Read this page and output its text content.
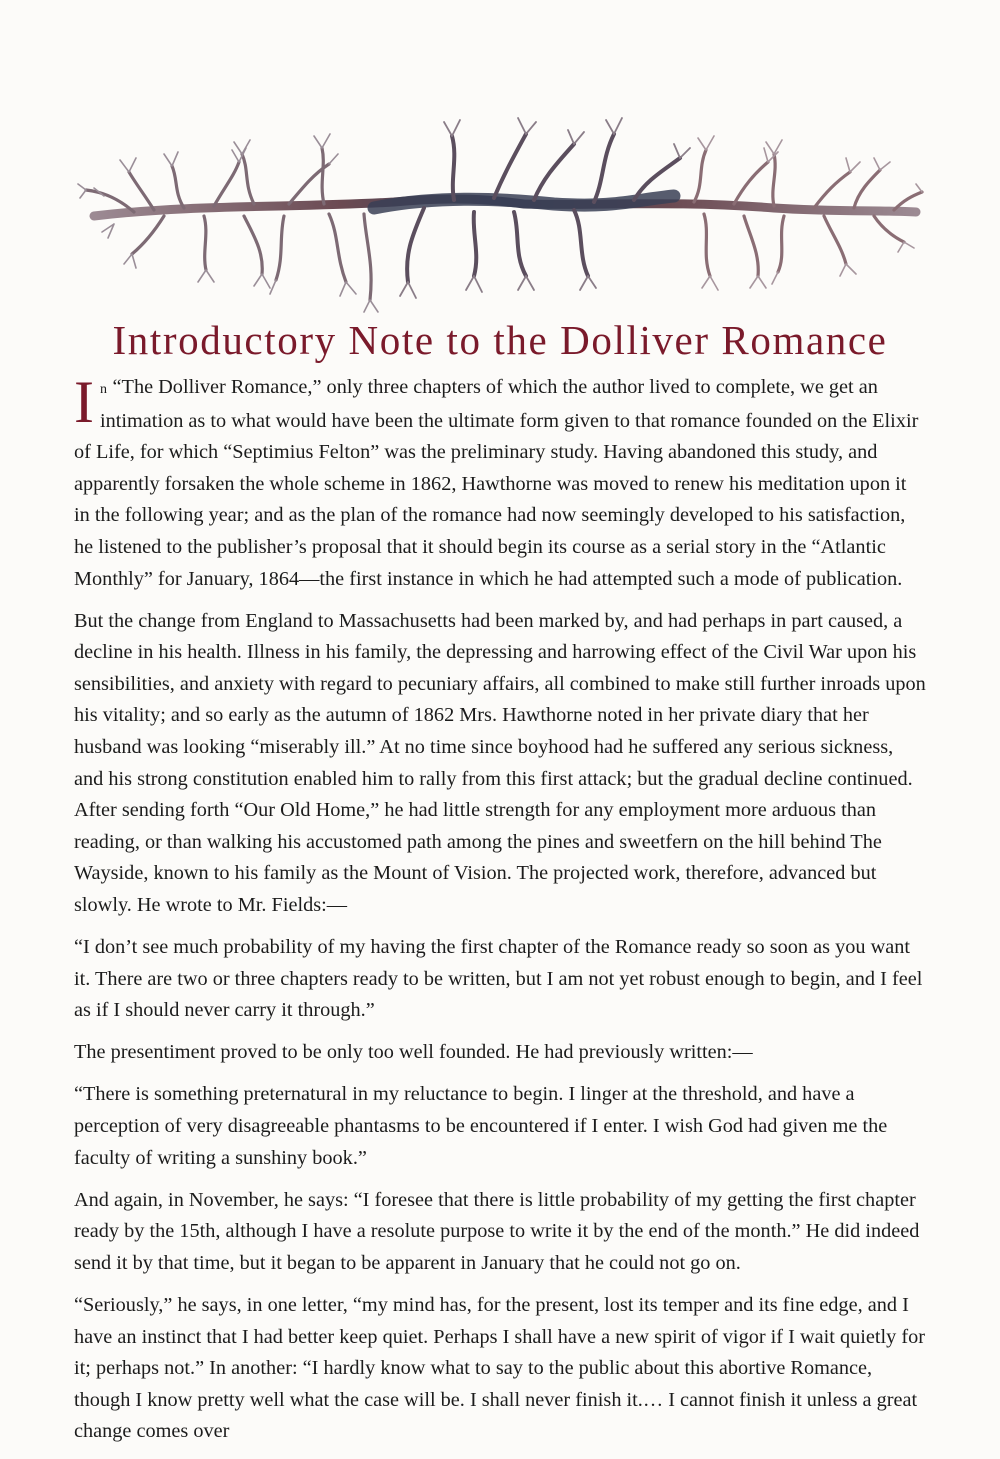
Introductory Note to the Dolliver Romance

In “The Dolliver Romance,” only three chapters of which the author lived to complete, we get an intimation as to what would have been the ultimate form given to that romance founded on the Elixir of Life, for which “Septimius Felton” was the preliminary study. Having abandoned this study, and apparently forsaken the whole scheme in 1862, Hawthorne was moved to renew his meditation upon it in the following year; and as the plan of the romance had now seemingly developed to his satisfaction, he listened to the publisher’s proposal that it should begin its course as a serial story in the “Atlantic Monthly” for January, 1864—the first instance in which he had attempted such a mode of publication.

But the change from England to Massachusetts had been marked by, and had perhaps in part caused, a decline in his health. Illness in his family, the depressing and harrowing effect of the Civil War upon his sensibilities, and anxiety with regard to pecuniary affairs, all combined to make still further inroads upon his vitality; and so early as the autumn of 1862 Mrs. Hawthorne noted in her private diary that her husband was looking “miserably ill.” At no time since boyhood had he suffered any serious sickness, and his strong constitution enabled him to rally from this first attack; but the gradual decline continued. After sending forth “Our Old Home,” he had little strength for any employment more arduous than reading, or than walking his accustomed path among the pines and sweetfern on the hill behind The Wayside, known to his family as the Mount of Vision. The projected work, therefore, advanced but slowly. He wrote to Mr. Fields:—

“I don’t see much probability of my having the first chapter of the Romance ready so soon as you want it. There are two or three chapters ready to be written, but I am not yet robust enough to begin, and I feel as if I should never carry it through.”

The presentiment proved to be only too well founded. He had previously written:—

“There is something preternatural in my reluctance to begin. I linger at the threshold, and have a perception of very disagreeable phantasms to be encountered if I enter. I wish God had given me the faculty of writing a sunshiny book.”

And again, in November, he says: “I foresee that there is little probability of my getting the first chapter ready by the 15th, although I have a resolute purpose to write it by the end of the month.” He did indeed send it by that time, but it began to be apparent in January that he could not go on.

“Seriously,” he says, in one letter, “my mind has, for the present, lost its temper and its fine edge, and I have an instinct that I had better keep quiet. Perhaps I shall have a new spirit of vigor if I wait quietly for it; perhaps not.” In another: “I hardly know what to say to the public about this abortive Romance, though I know pretty well what the case will be. I shall never finish it.… I cannot finish it unless a great change comes over
